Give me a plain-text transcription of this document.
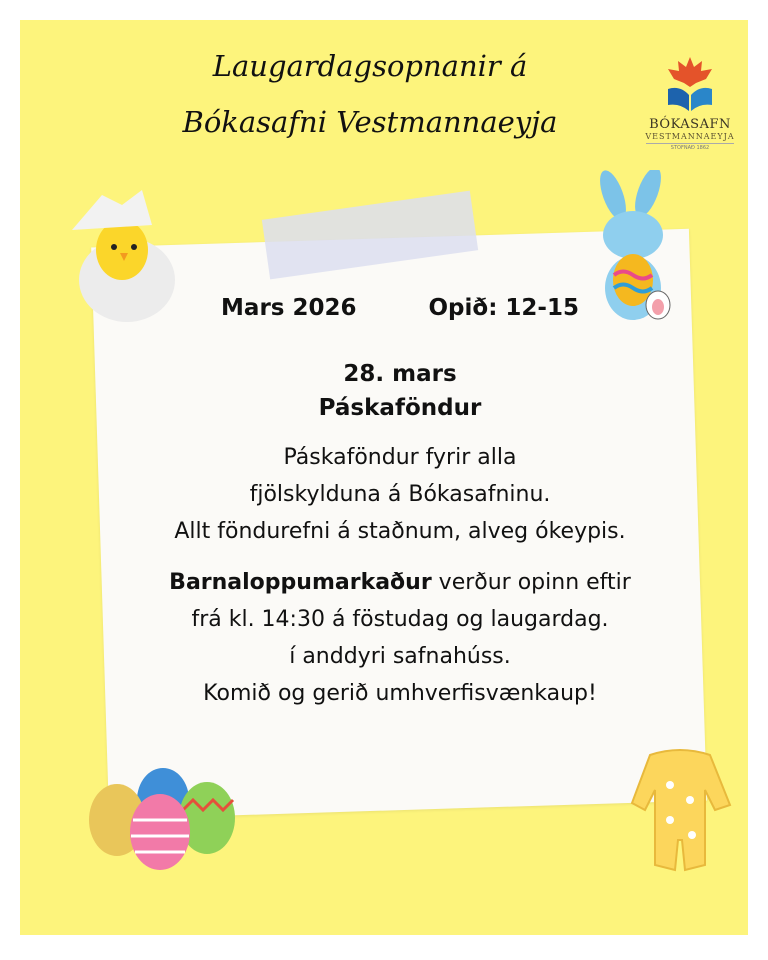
Laugardagsopnanir á
Bókasafni Vestmannaeyja	BÓKASAFN
VESTMANNAEYJA
STOFNAÐ 1862
Mars 2026	Opið: 12-15
28. mars
Páskaföndur
Páskaföndur fyrir alla
fjölskylduna á Bókasafninu.
Allt föndurefni á staðnum, alveg ókeypis.
Barnaloppumarkaður verður opinn eftir
frá kl. 14:30 á föstudag og laugardag.
í anddyri safnahúss.
Komið og gerið umhverfisvænkaup!
